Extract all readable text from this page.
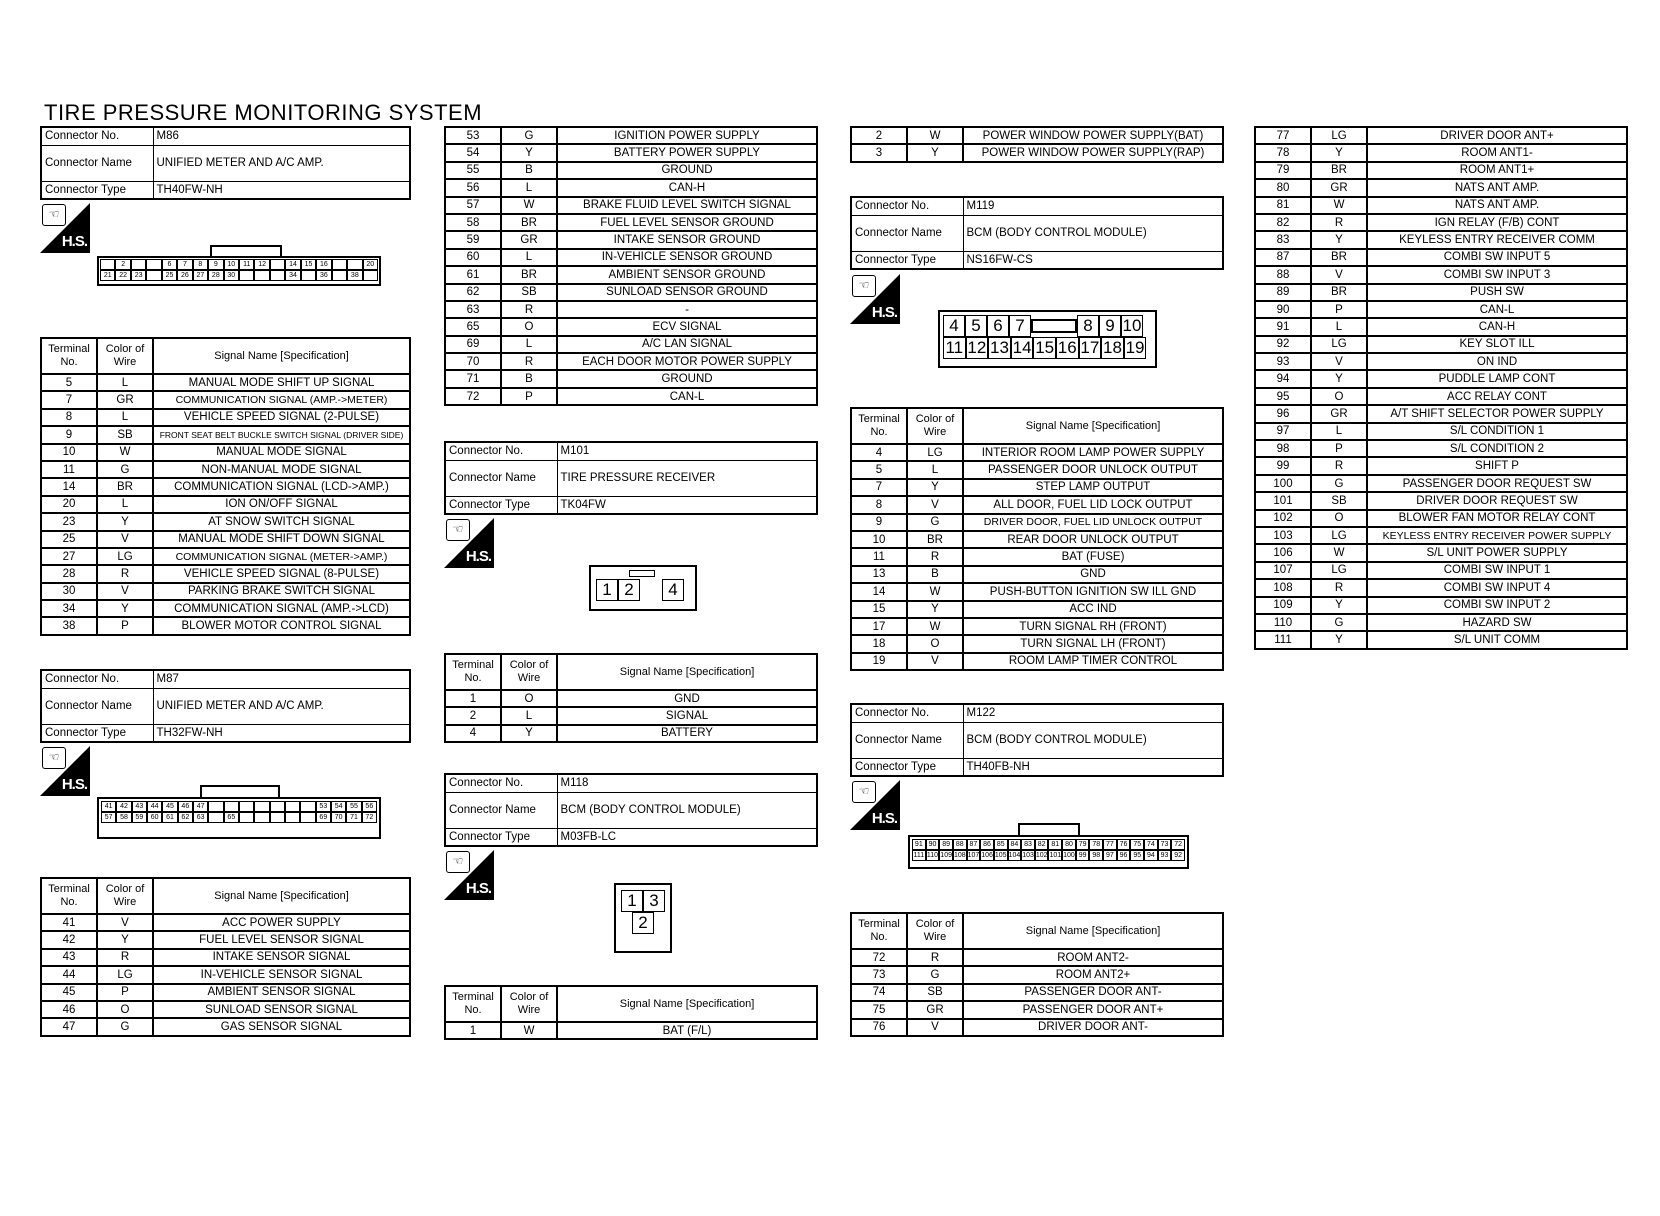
TIRE PRESSURE MONITORING SYSTEM
Connector No.	M86
Connector Name	UNIFIED METER AND A/C AMP.
Connector Type	TH40FW-NH
☜
H.S.
2	6	7	8	9	10	11	12	14	15	16	20
21	22	23	25	26	27	28	30	34	36	38
Terminal No.	Color of Wire	Signal Name [Specification]
5	L	MANUAL MODE SHIFT UP SIGNAL
7	GR	COMMUNICATION SIGNAL (AMP.->METER)
8	L	VEHICLE SPEED SIGNAL (2-PULSE)
9	SB	FRONT SEAT BELT BUCKLE SWITCH SIGNAL (DRIVER SIDE)
10	W	MANUAL MODE SIGNAL
11	G	NON-MANUAL MODE SIGNAL
14	BR	COMMUNICATION SIGNAL (LCD->AMP.)
20	L	ION ON/OFF SIGNAL
23	Y	AT SNOW SWITCH SIGNAL
25	V	MANUAL MODE SHIFT DOWN SIGNAL
27	LG	COMMUNICATION SIGNAL (METER->AMP.)
28	R	VEHICLE SPEED SIGNAL (8-PULSE)
30	V	PARKING BRAKE SWITCH SIGNAL
34	Y	COMMUNICATION SIGNAL (AMP.->LCD)
38	P	BLOWER MOTOR CONTROL SIGNAL
Connector No.	M87
Connector Name	UNIFIED METER AND A/C AMP.
Connector Type	TH32FW-NH
☜
H.S.
41	42	43	44	45	46	47	53	54	55	56
57	58	59	60	61	62	63	65	69	70	71	72
Terminal No.	Color of Wire	Signal Name [Specification]
41	V	ACC POWER SUPPLY
42	Y	FUEL LEVEL SENSOR SIGNAL
43	R	INTAKE SENSOR SIGNAL
44	LG	IN-VEHICLE SENSOR SIGNAL
45	P	AMBIENT SENSOR SIGNAL
46	O	SUNLOAD SENSOR SIGNAL
47	G	GAS SENSOR SIGNAL
53	G	IGNITION POWER SUPPLY
54	Y	BATTERY POWER SUPPLY
55	B	GROUND
56	L	CAN-H
57	W	BRAKE FLUID LEVEL SWITCH SIGNAL
58	BR	FUEL LEVEL SENSOR GROUND
59	GR	INTAKE SENSOR GROUND
60	L	IN-VEHICLE SENSOR GROUND
61	BR	AMBIENT SENSOR GROUND
62	SB	SUNLOAD SENSOR GROUND
63	R	-
65	O	ECV SIGNAL
69	L	A/C LAN SIGNAL
70	R	EACH DOOR MOTOR POWER SUPPLY
71	B	GROUND
72	P	CAN-L
Connector No.	M101
Connector Name	TIRE PRESSURE RECEIVER
Connector Type	TK04FW
☜
H.S.
1 2	4
Terminal No.	Color of Wire	Signal Name [Specification]
1	O	GND
2	L	SIGNAL
4	Y	BATTERY
Connector No.	M118
Connector Name	BCM (BODY CONTROL MODULE)
Connector Type	M03FB-LC
☜
H.S.
1 3
2
Terminal No.	Color of Wire	Signal Name [Specification]
1	W	BAT (F/L)
2	W	POWER WINDOW POWER SUPPLY(BAT)
3	Y	POWER WINDOW POWER SUPPLY(RAP)
Connector No.	M119
Connector Name	BCM (BODY CONTROL MODULE)
Connector Type	NS16FW-CS
☜
H.S.
4 5 6 7	8 9 10
11 12 13 14 15 16 17 18 19
Terminal No.	Color of Wire	Signal Name [Specification]
4	LG	INTERIOR ROOM LAMP POWER SUPPLY
5	L	PASSENGER DOOR UNLOCK OUTPUT
7	Y	STEP LAMP OUTPUT
8	V	ALL DOOR, FUEL LID LOCK OUTPUT
9	G	DRIVER DOOR, FUEL LID UNLOCK OUTPUT
10	BR	REAR DOOR UNLOCK OUTPUT
11	R	BAT (FUSE)
13	B	GND
14	W	PUSH-BUTTON IGNITION SW ILL GND
15	Y	ACC IND
17	W	TURN SIGNAL RH (FRONT)
18	O	TURN SIGNAL LH (FRONT)
19	V	ROOM LAMP TIMER CONTROL
Connector No.	M122
Connector Name	BCM (BODY CONTROL MODULE)
Connector Type	TH40FB-NH
☜
H.S.
91 90 89 88 87 86 85 84 83 82 81 80 79 78 77 76 75 74 73 72
111 110 109 108 107 106 105 104 103 102 101 100 99 98 97 96 95 94 93 92
Terminal No.	Color of Wire	Signal Name [Specification]
72	R	ROOM ANT2-
73	G	ROOM ANT2+
74	SB	PASSENGER DOOR ANT-
75	GR	PASSENGER DOOR ANT+
76	V	DRIVER DOOR ANT-
77	LG	DRIVER DOOR ANT+
78	Y	ROOM ANT1-
79	BR	ROOM ANT1+
80	GR	NATS ANT AMP.
81	W	NATS ANT AMP.
82	R	IGN RELAY (F/B) CONT
83	Y	KEYLESS ENTRY RECEIVER COMM
87	BR	COMBI SW INPUT 5
88	V	COMBI SW INPUT 3
89	BR	PUSH SW
90	P	CAN-L
91	L	CAN-H
92	LG	KEY SLOT ILL
93	V	ON IND
94	Y	PUDDLE LAMP CONT
95	O	ACC RELAY CONT
96	GR	A/T SHIFT SELECTOR POWER SUPPLY
97	L	S/L CONDITION 1
98	P	S/L CONDITION 2
99	R	SHIFT P
100	G	PASSENGER DOOR REQUEST SW
101	SB	DRIVER DOOR REQUEST SW
102	O	BLOWER FAN MOTOR RELAY CONT
103	LG	KEYLESS ENTRY RECEIVER POWER SUPPLY
106	W	S/L UNIT POWER SUPPLY
107	LG	COMBI SW INPUT 1
108	R	COMBI SW INPUT 4
109	Y	COMBI SW INPUT 2
110	G	HAZARD SW
111	Y	S/L UNIT COMM
